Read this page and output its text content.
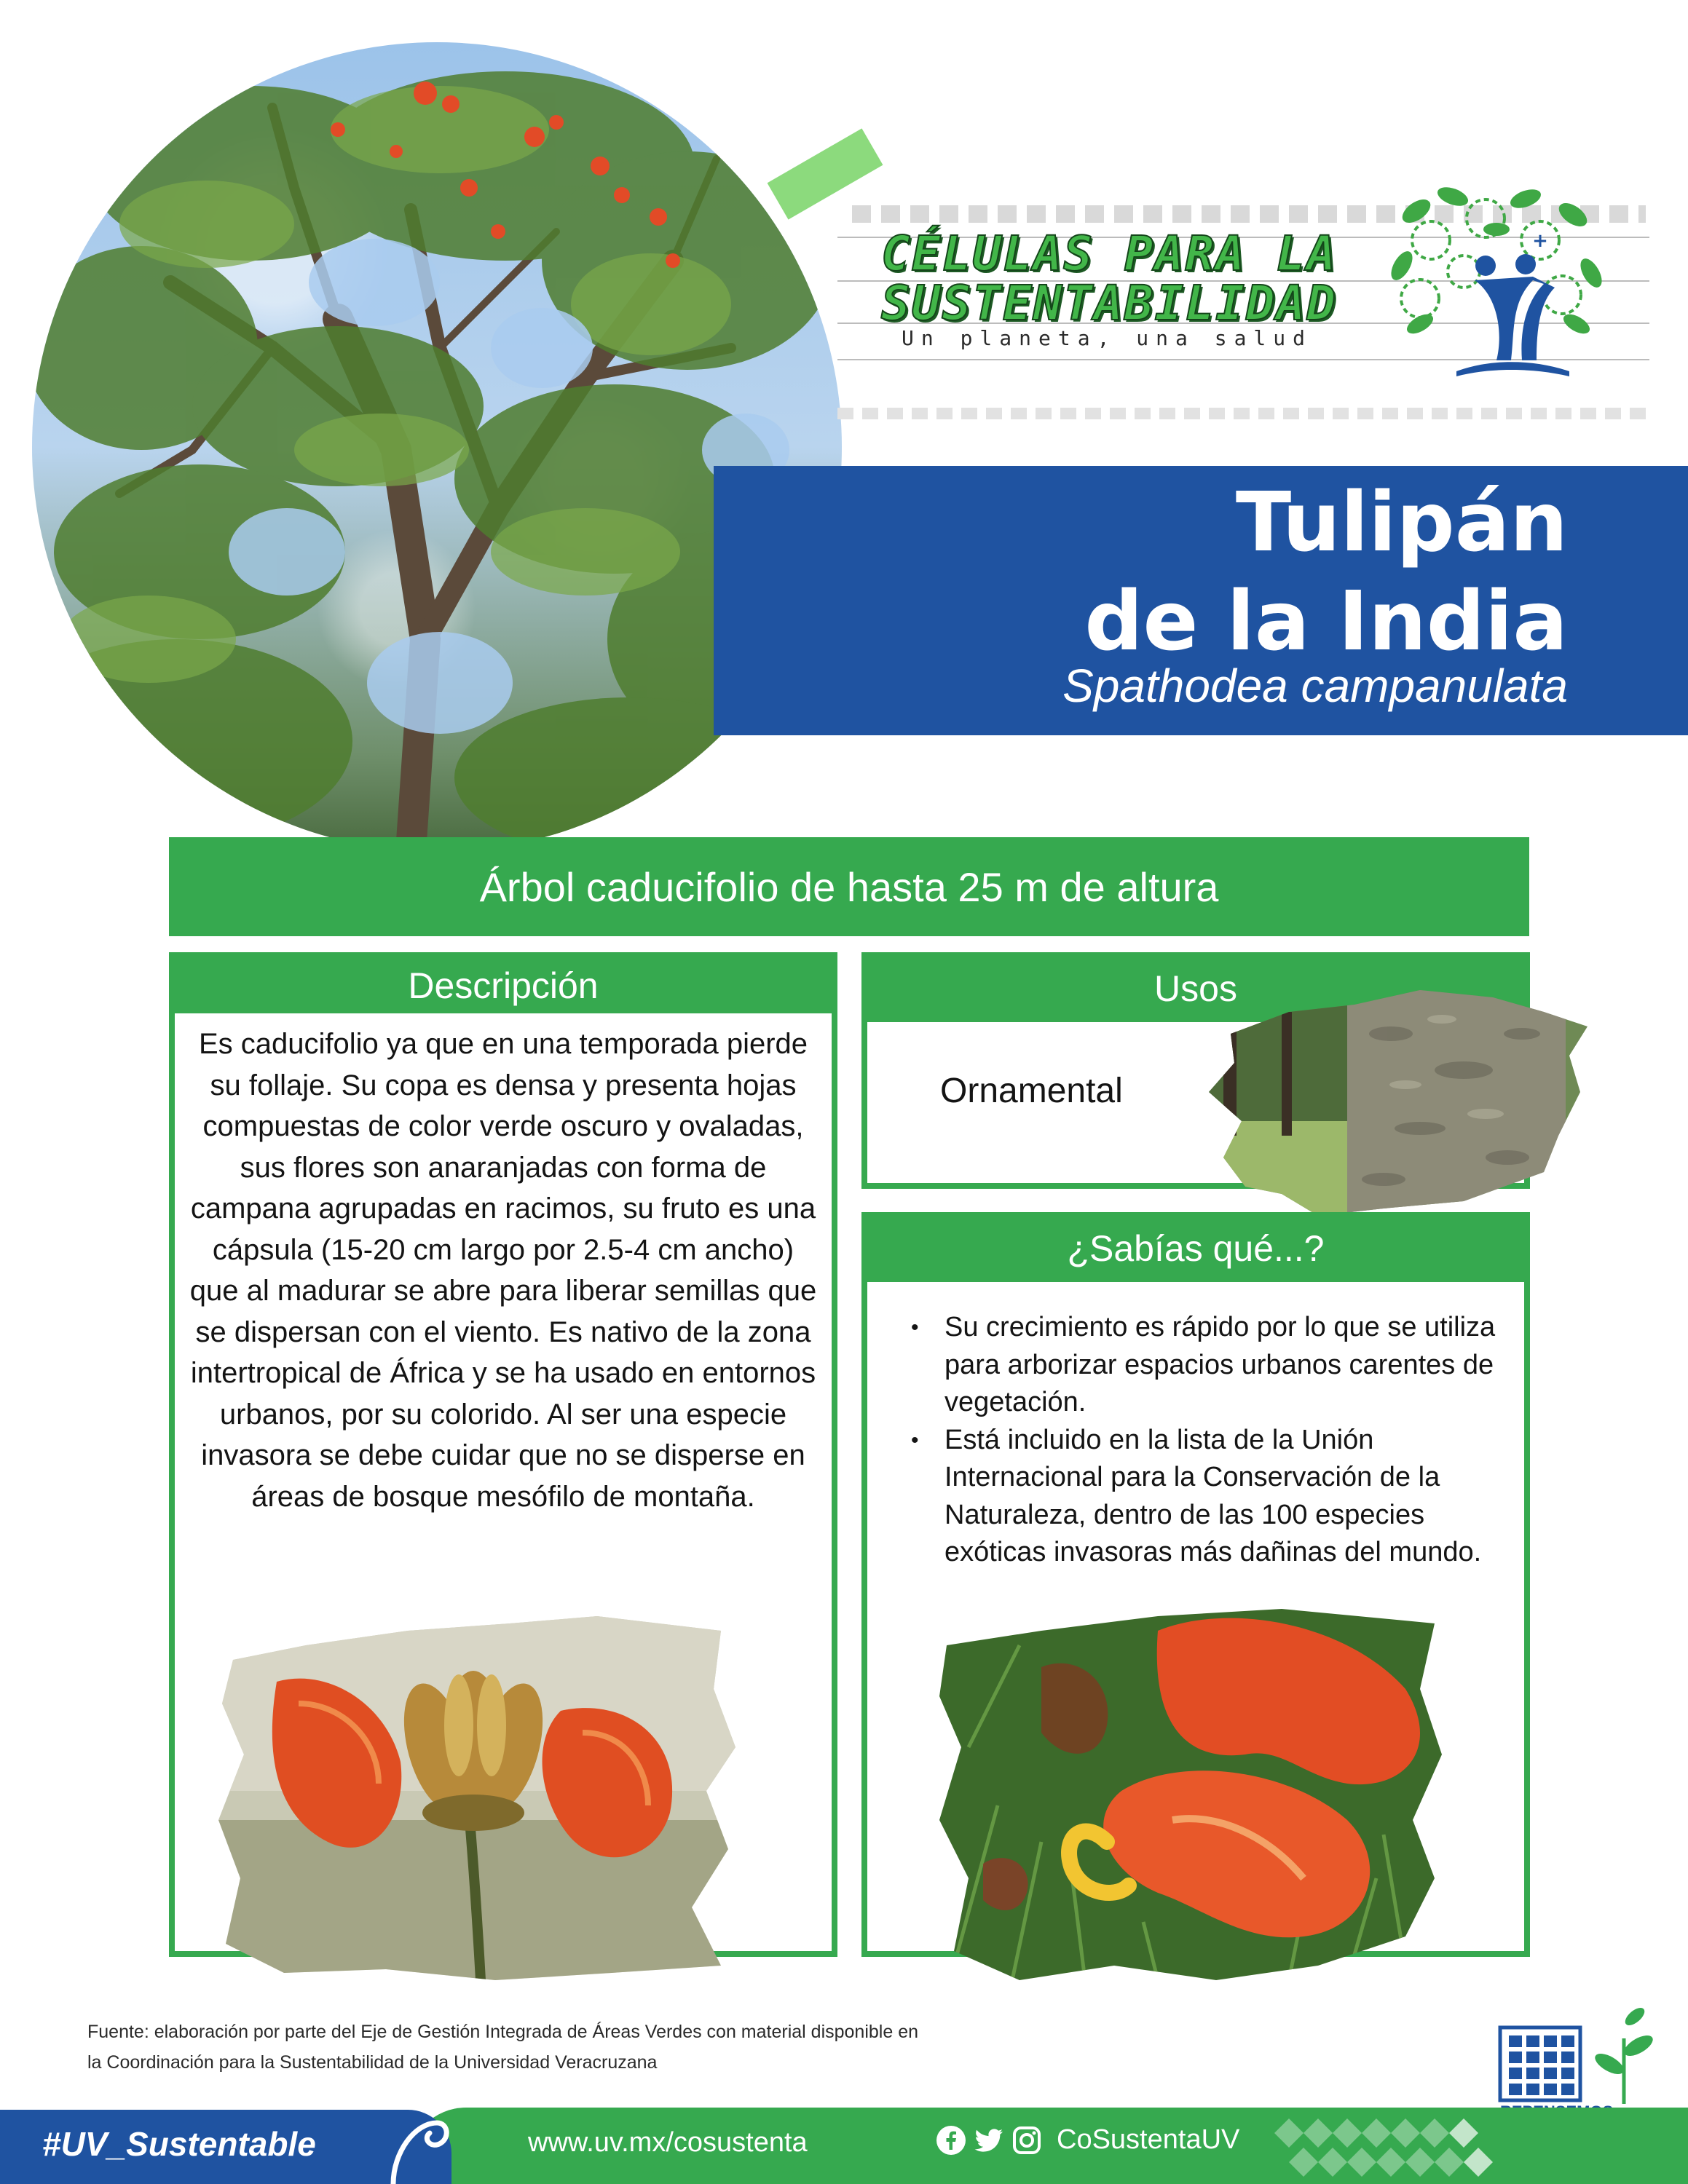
CÉLULAS PARA LA
SUSTENTABILIDAD
Un planeta, una salud
+
Tulipán
de la India
Spathodea campanulata
Árbol caducifolio de hasta 25 m de altura
Descripción
Es caducifolio ya que en una temporada pierde su follaje. Su copa es densa y presenta hojas compuestas de color verde oscuro y ovaladas, sus flores son anaranjadas con forma de campana agrupadas en racimos, su fruto es una cápsula (15-20 cm largo por 2.5-4 cm ancho) que al madurar se abre para liberar semillas que se dispersan con el viento. Es nativo de la zona intertropical de África y se ha usado en entornos urbanos, por su colorido. Al ser una especie invasora se debe cuidar que no se disperse en áreas de bosque mesófilo de montaña.
Usos
Ornamental
¿Sabías qué...?
• Su crecimiento es rápido por lo que se utiliza para arborizar espacios urbanos carentes de vegetación.
• Está incluido en la lista de la Unión Internacional para la Conservación de la Naturaleza, dentro de las 100 especies exóticas invasoras más dañinas del mundo.
Fuente: elaboración por parte del Eje de Gestión Integrada de Áreas Verdes con material disponible en la Coordinación para la Sustentabilidad de la Universidad Veracruzana
#UV_Sustentable	www.uv.mx/cosustenta	CoSustentaUV
